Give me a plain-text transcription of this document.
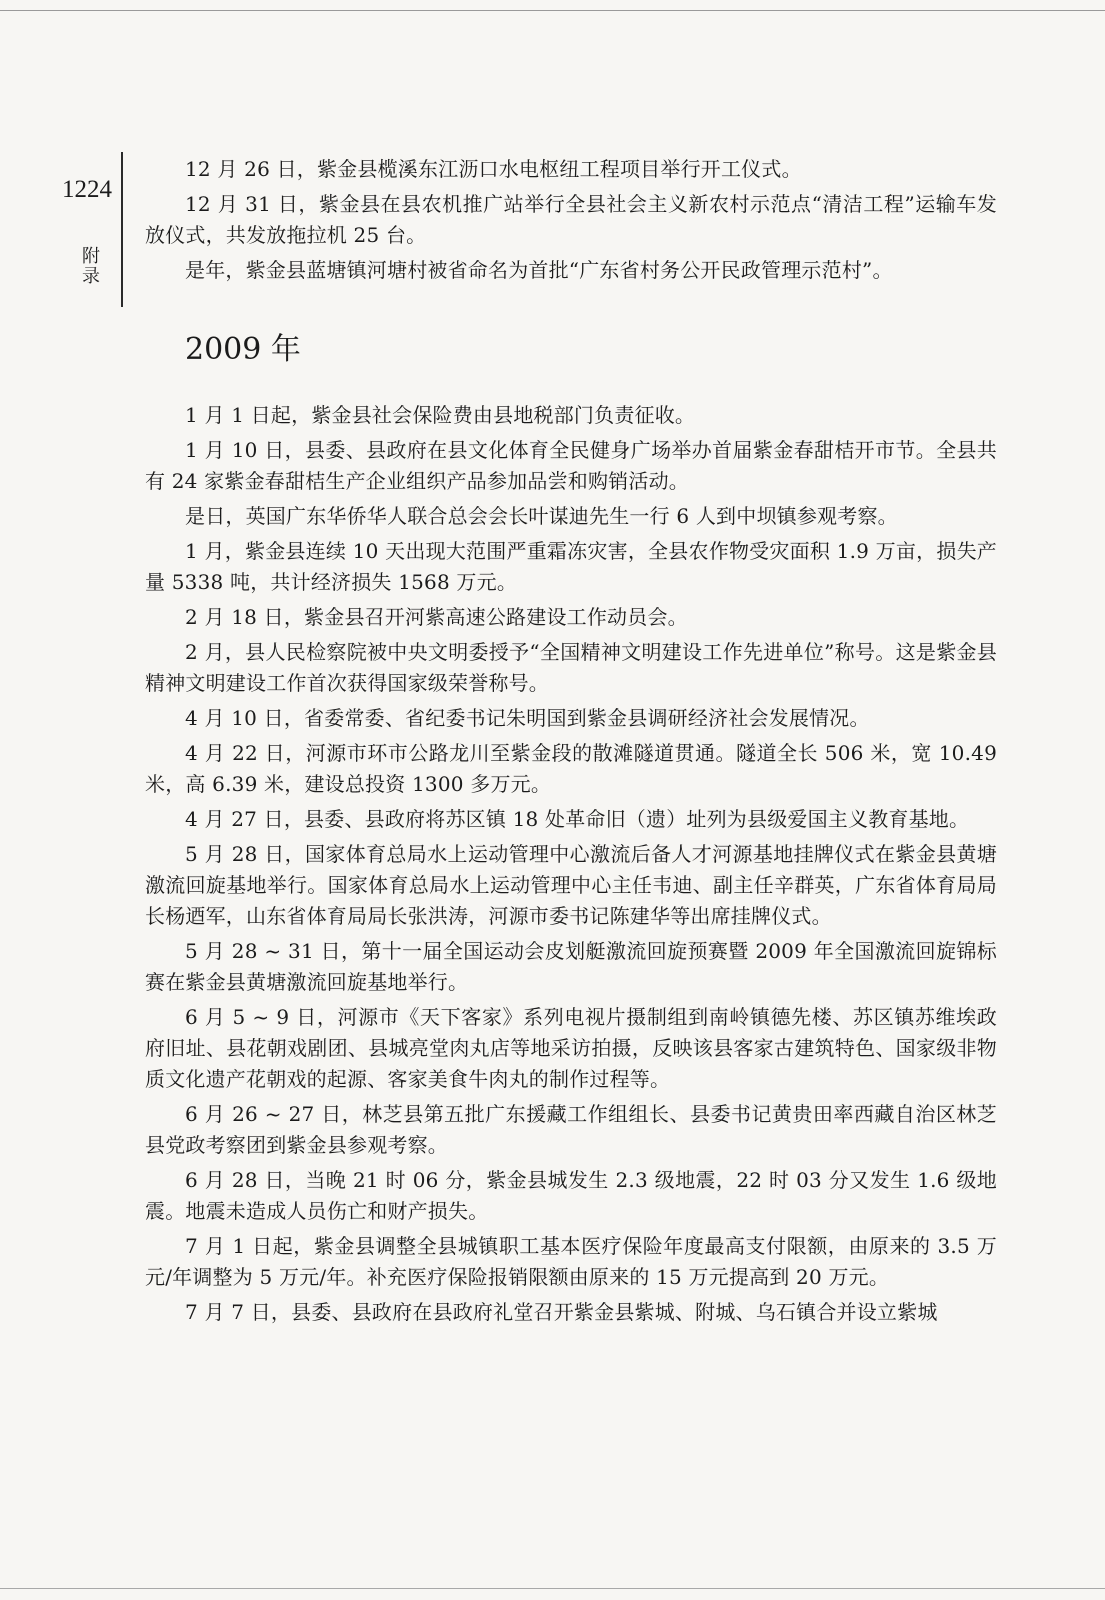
1224
附录

12 月 26 日，紫金县榄溪东江沥口水电枢纽工程项目举行开工仪式。

12 月 31 日，紫金县在县农机推广站举行全县社会主义新农村示范点“清洁工程”运输车发放仪式，共发放拖拉机 25 台。

是年，紫金县蓝塘镇河塘村被省命名为首批“广东省村务公开民政管理示范村”。

2009 年

1 月 1 日起，紫金县社会保险费由县地税部门负责征收。

1 月 10 日，县委、县政府在县文化体育全民健身广场举办首届紫金春甜桔开市节。全县共有 24 家紫金春甜桔生产企业组织产品参加品尝和购销活动。

是日，英国广东华侨华人联合总会会长叶谋迪先生一行 6 人到中坝镇参观考察。

1 月，紫金县连续 10 天出现大范围严重霜冻灾害，全县农作物受灾面积 1.9 万亩，损失产量 5338 吨，共计经济损失 1568 万元。

2 月 18 日，紫金县召开河紫高速公路建设工作动员会。

2 月，县人民检察院被中央文明委授予“全国精神文明建设工作先进单位”称号。这是紫金县精神文明建设工作首次获得国家级荣誉称号。

4 月 10 日，省委常委、省纪委书记朱明国到紫金县调研经济社会发展情况。

4 月 22 日，河源市环市公路龙川至紫金段的散滩隧道贯通。隧道全长 506 米，宽 10.49 米，高 6.39 米，建设总投资 1300 多万元。

4 月 27 日，县委、县政府将苏区镇 18 处革命旧（遗）址列为县级爱国主义教育基地。

5 月 28 日，国家体育总局水上运动管理中心激流后备人才河源基地挂牌仪式在紫金县黄塘激流回旋基地举行。国家体育总局水上运动管理中心主任韦迪、副主任辛群英，广东省体育局局长杨迺军，山东省体育局局长张洪涛，河源市委书记陈建华等出席挂牌仪式。

5 月 28 ~ 31 日，第十一届全国运动会皮划艇激流回旋预赛暨 2009 年全国激流回旋锦标赛在紫金县黄塘激流回旋基地举行。

6 月 5 ~ 9 日，河源市《天下客家》系列电视片摄制组到南岭镇德先楼、苏区镇苏维埃政府旧址、县花朝戏剧团、县城亮堂肉丸店等地采访拍摄，反映该县客家古建筑特色、国家级非物质文化遗产花朝戏的起源、客家美食牛肉丸的制作过程等。

6 月 26 ~ 27 日，林芝县第五批广东援藏工作组组长、县委书记黄贵田率西藏自治区林芝县党政考察团到紫金县参观考察。

6 月 28 日，当晚 21 时 06 分，紫金县城发生 2.3 级地震，22 时 03 分又发生 1.6 级地震。地震未造成人员伤亡和财产损失。

7 月 1 日起，紫金县调整全县城镇职工基本医疗保险年度最高支付限额，由原来的 3.5 万元/年调整为 5 万元/年。补充医疗保险报销限额由原来的 15 万元提高到 20 万元。

7 月 7 日，县委、县政府在县政府礼堂召开紫金县紫城、附城、乌石镇合并设立紫城
